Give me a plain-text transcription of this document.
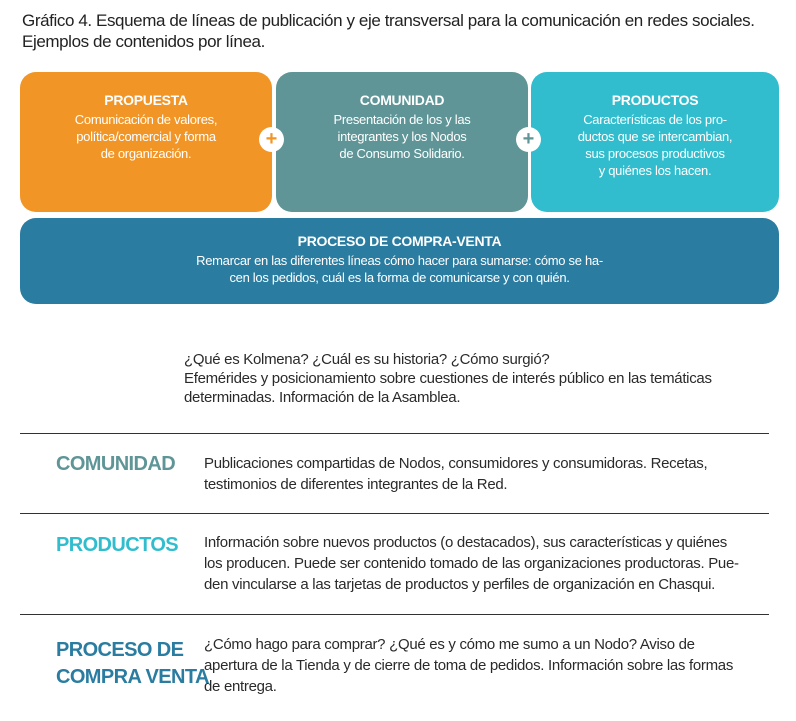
Gráfico 4. Esquema de líneas de publicación y eje transversal para la comunicación en redes sociales. Ejemplos de contenidos por línea.
PROPUESTA
Comunicación de valores,
política/comercial y forma
de organización.
COMUNIDAD
Presentación de los y las
integrantes y los Nodos
de Consumo Solidario.
PRODUCTOS
Características de los pro-
ductos que se intercambian,
sus procesos productivos
y quiénes los hacen.
PROCESO DE COMPRA-VENTA
Remarcar en las diferentes líneas cómo hacer para sumarse: cómo se ha-
cen los pedidos, cuál es la forma de comunicarse y con quién.
+	+
¿Qué es Kolmena? ¿Cuál es su historia? ¿Cómo surgió?
Efemérides y posicionamiento sobre cuestiones de interés público en las temáticas determinadas. Información de la Asamblea.
COMUNIDAD Publicaciones compartidas de Nodos, consumidores y consumidoras. Recetas, testimonios de diferentes integrantes de la Red.
PRODUCTOS Información sobre nuevos productos (o destacados), sus características y quiénes los producen. Puede ser contenido tomado de las organizaciones productoras. Pue-den vincularse a las tarjetas de productos y perfiles de organización en Chasqui.
PROCESO DE
COMPRA VENTA
¿Cómo hago para comprar? ¿Qué es y cómo me sumo a un Nodo? Aviso de apertura de la Tienda y de cierre de toma de pedidos. Información sobre las formas de entrega.
